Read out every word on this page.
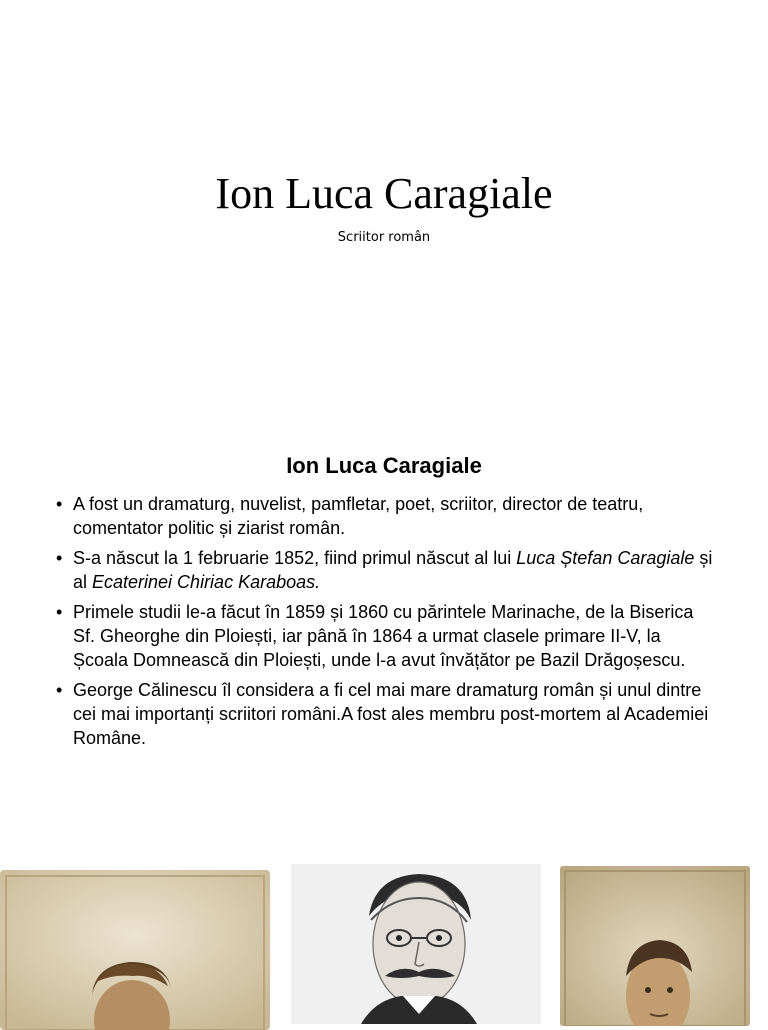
Ion Luca Caragiale
Scriitor român
Ion Luca Caragiale
• A fost un dramaturg, nuvelist, pamfletar, poet, scriitor, director de teatru, comentator politic și ziarist român.
• S-a născut la 1 februarie 1852, fiind primul născut al lui Luca Ștefan Caragiale și al Ecaterinei Chiriac Karaboas.
• Primele studii le-a făcut în 1859 și 1860 cu părintele Marinache, de la Biserica Sf. Gheorghe din Ploiești, iar până în 1864 a urmat clasele primare II-V, la Școala Domnească din Ploiești, unde l-a avut învățător pe Bazil Drăgoșescu.
• George Călinescu îl considera a fi cel mai mare dramaturg român și unul dintre cei mai importanți scriitori români.A fost ales membru post-mortem al Academiei Române.
